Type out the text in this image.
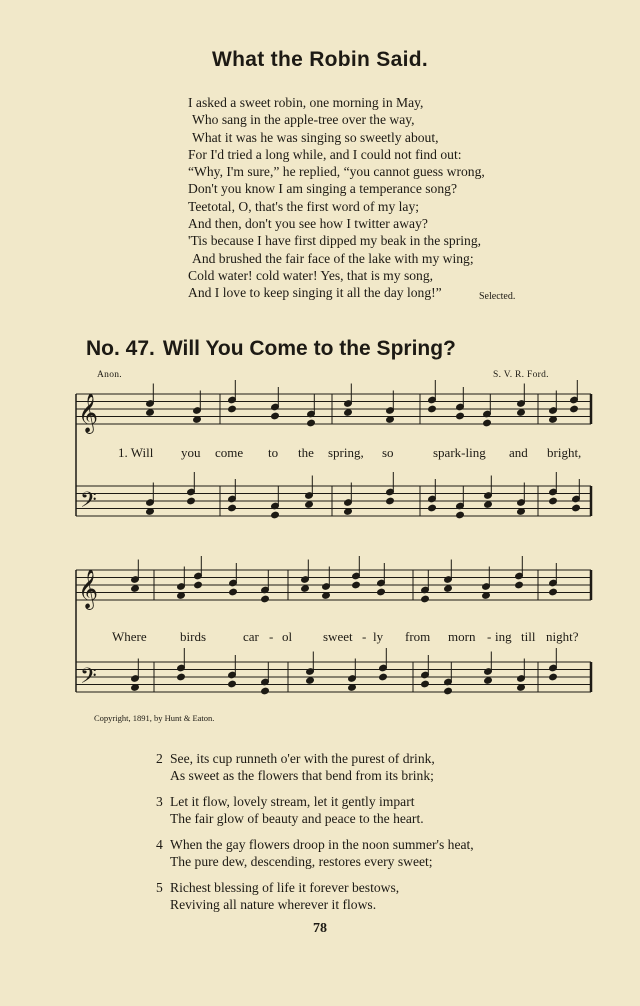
What the Robin Said.
I asked a sweet robin, one morning in May,
Who sang in the apple-tree over the way,
What it was he was singing so sweetly about,
For I'd tried a long while, and I could not find out:
“Why, I'm sure,” he replied, “you cannot guess wrong,
Don't you know I am singing a temperance song?
Teetotal, O, that's the first word of my lay;
And then, don't you see how I twitter away?
'Tis because I have first dipped my beak in the spring,
And brushed the fair face of the lake with my wing;
Cold water! cold water! Yes, that is my song,
And I love to keep singing it all the day long!”	Selected.
No. 47. Will You Come to the Spring?
Anon.	S. V. R. Ford.
𝄞
𝄢
𝄞
𝄢
1. Will you come to the spring, so	spark-ling and bright,
Where	birds	car - ol sweet - ly from morn - ing till night?
Copyright, 1891, by Hunt & Eaton.
2 See, its cup runneth o'er with the purest of drink,
As sweet as the flowers that bend from its brink;
3 Let it flow, lovely stream, let it gently impart
The fair glow of beauty and peace to the heart.
4 When the gay flowers droop in the noon summer's heat,
The pure dew, descending, restores every sweet;
5 Richest blessing of life it forever bestows,
Reviving all nature wherever it flows.
78
